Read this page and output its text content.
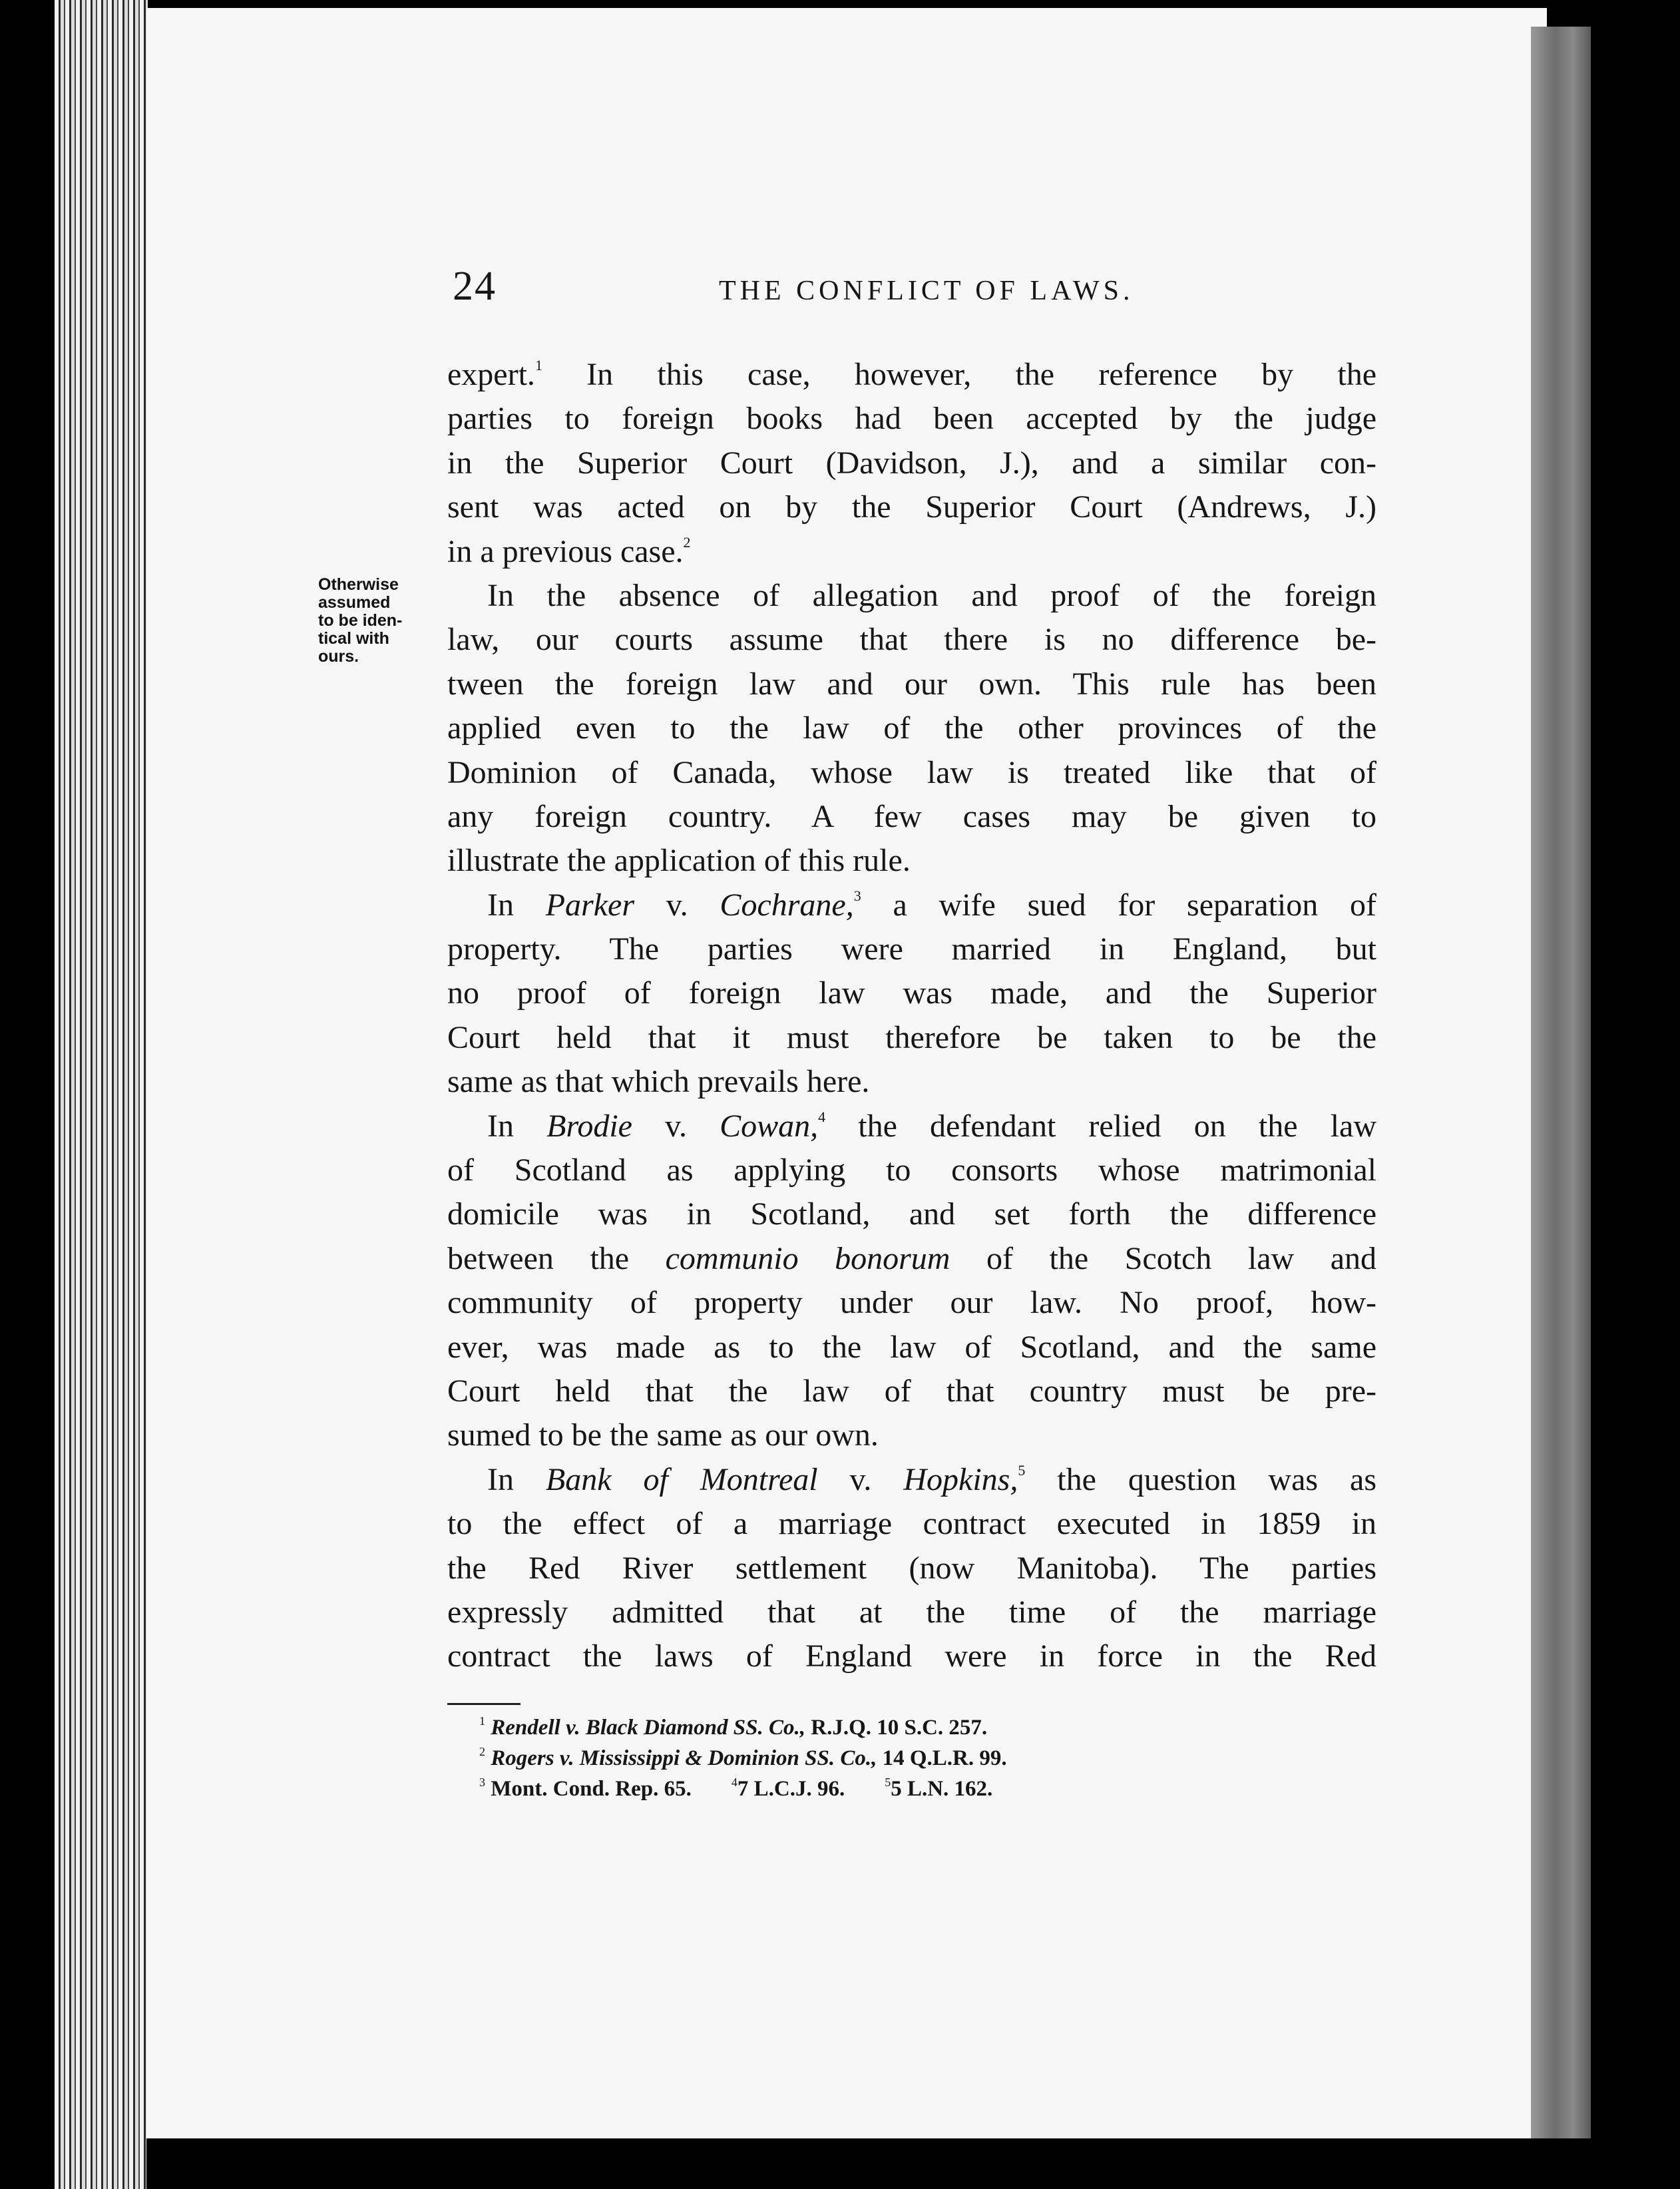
24	THE CONFLICT OF LAWS.
Otherwise
assumed
to be iden-
tical with
ours.
expert.$^1$ In this case, however, the reference by the
parties to foreign books had been accepted by the judge
in the Superior Court (Davidson, J.), and a similar con-
sent was acted on by the Superior Court (Andrews, J.)
in a previous case.$^2$
In the absence of allegation and proof of the foreign
law, our courts assume that there is no difference be-
tween the foreign law and our own. This rule has been
applied even to the law of the other provinces of the
Dominion of Canada, whose law is treated like that of
any foreign country. A few cases may be given to
illustrate the application of this rule.
In Parker v. Cochrane,$^3$ a wife sued for separation of
property. The parties were married in England, but
no proof of foreign law was made, and the Superior
Court held that it must therefore be taken to be the
same as that which prevails here.
In Brodie v. Cowan,$^4$ the defendant relied on the law
of Scotland as applying to consorts whose matrimonial
domicile was in Scotland, and set forth the difference
between the communio bonorum of the Scotch law and
community of property under our law. No proof, how-
ever, was made as to the law of Scotland, and the same
Court held that the law of that country must be pre-
sumed to be the same as our own.
In Bank of Montreal v. Hopkins,$^5$ the question was as
to the effect of a marriage contract executed in 1859 in
the Red River settlement (now Manitoba). The parties
expressly admitted that at the time of the marriage
contract the laws of England were in force in the Red
$^1$ Rendell v. Black Diamond SS. Co., R.J.Q. 10 S.C. 257.
$^2$ Rogers v. Mississippi & Dominion SS. Co., 14 Q.L.R. 99.
$^3$ Mont. Cond. Rep. 65.	$^4$7 L.C.J. 96.	$^5$5 L.N. 162.
